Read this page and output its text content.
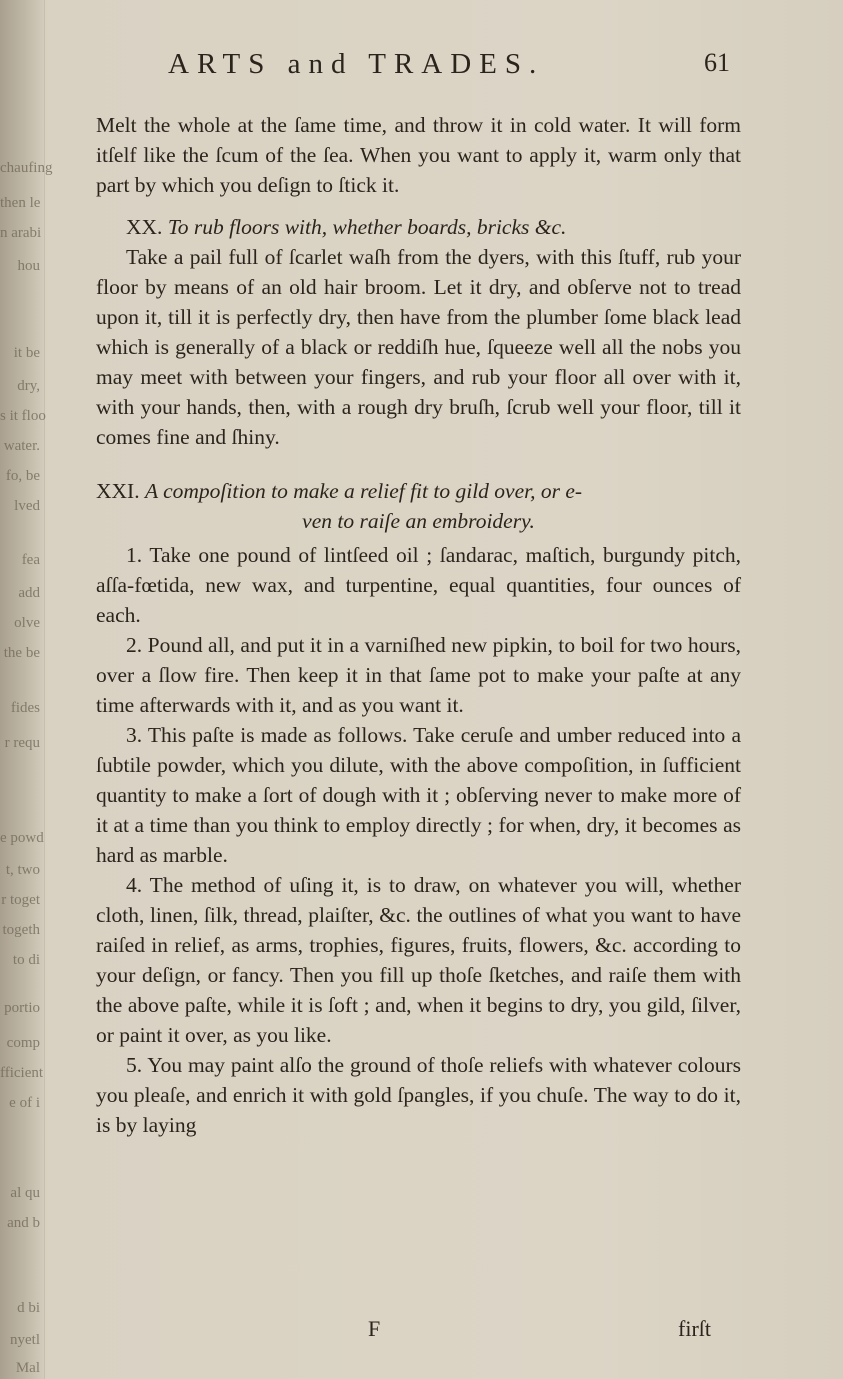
chaufing
then le
n arabi
hou
it be
dry,
s it floo
water.
fo, be
lved
fea
add
olve
the be
fides
r requ
e powd
t, two
r toget
togeth
to di
portio
comp
fficient
e of i
al qu
and b
d bi
nyetl
Mal
ARTS and TRADES.	61

Melt the whole at the ſame time, and throw it in cold water. It will form itſelf like the ſcum of the ſea. When you want to apply it, warm only that part by which you deſign to ſtick it.

XX. To rub floors with, whether boards, bricks &c.

Take a pail full of ſcarlet waſh from the dyers, with this ſtuff, rub your floor by means of an old hair broom. Let it dry, and obſerve not to tread upon it, till it is perfectly dry, then have from the plumber ſome black lead which is generally of a black or reddiſh hue, ſqueeze well all the nobs you may meet with between your fingers, and rub your floor all over with it, with your hands, then, with a rough dry bruſh, ſcrub well your floor, till it comes fine and ſhiny.

XXI. A compoſition to make a relief fit to gild over, or e-

ven to raiſe an embroidery.

1. Take one pound of lintſeed oil ; ſandarac, maſtich, burgundy pitch, aſſa-fœtida, new wax, and turpentine, equal quantities, four ounces of each.

2. Pound all, and put it in a varniſhed new pipkin, to boil for two hours, over a ſlow fire. Then keep it in that ſame pot to make your paſte at any time afterwards with it, and as you want it.

3. This paſte is made as follows. Take ceruſe and umber reduced into a ſubtile powder, which you dilute, with the above compoſition, in ſufficient quantity to make a ſort of dough with it ; obſerving never to make more of it at a time than you think to employ directly ; for when, dry, it becomes as hard as marble.

4. The method of uſing it, is to draw, on whatever you will, whether cloth, linen, ſilk, thread, plaiſter, &c. the outlines of what you want to have raiſed in relief, as arms, trophies, figures, fruits, flowers, &c. according to your deſign, or fancy. Then you fill up thoſe ſketches, and raiſe them with the above paſte, while it is ſoft ; and, when it begins to dry, you gild, ſilver, or paint it over, as you like.

5. You may paint alſo the ground of thoſe reliefs with whatever colours you pleaſe, and enrich it with gold ſpangles, if you chuſe. The way to do it, is by laying

F	firſt
